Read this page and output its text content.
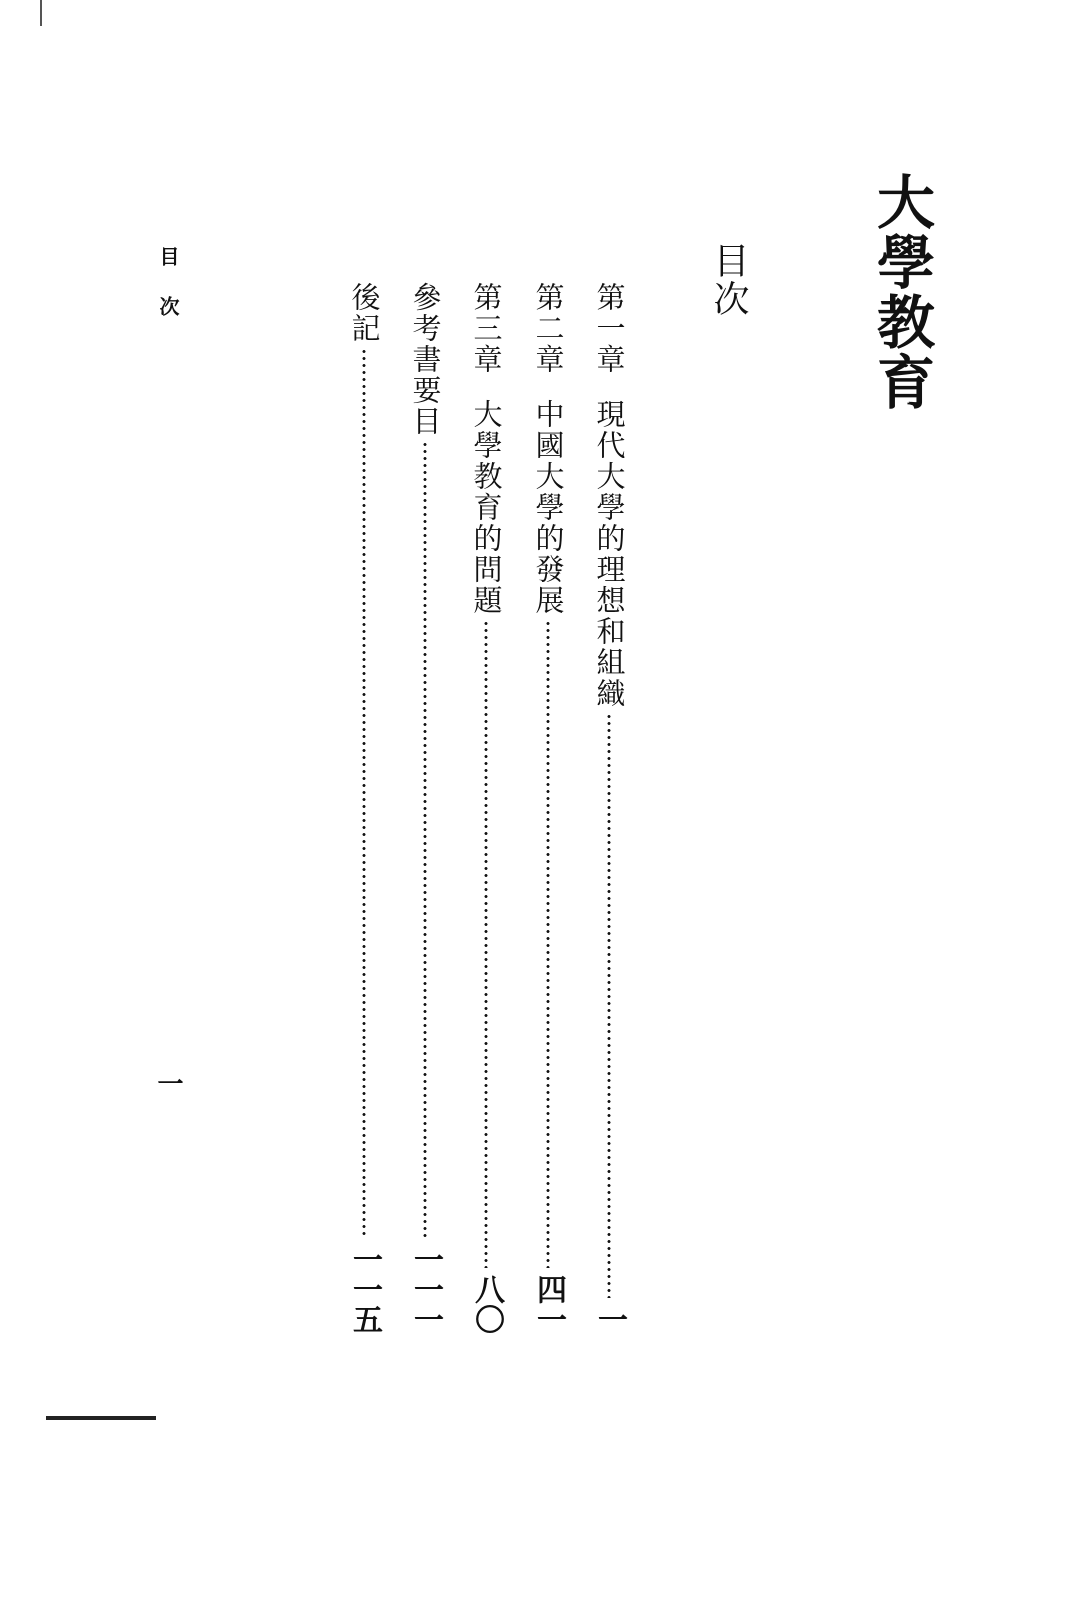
大學教育
目次
第一章現代大學的理想和組織
一
第二章中國大學的發展
四一
第三章大學教育的問題
八〇
參考書要目
一一一
後記
一一五
目次
一
